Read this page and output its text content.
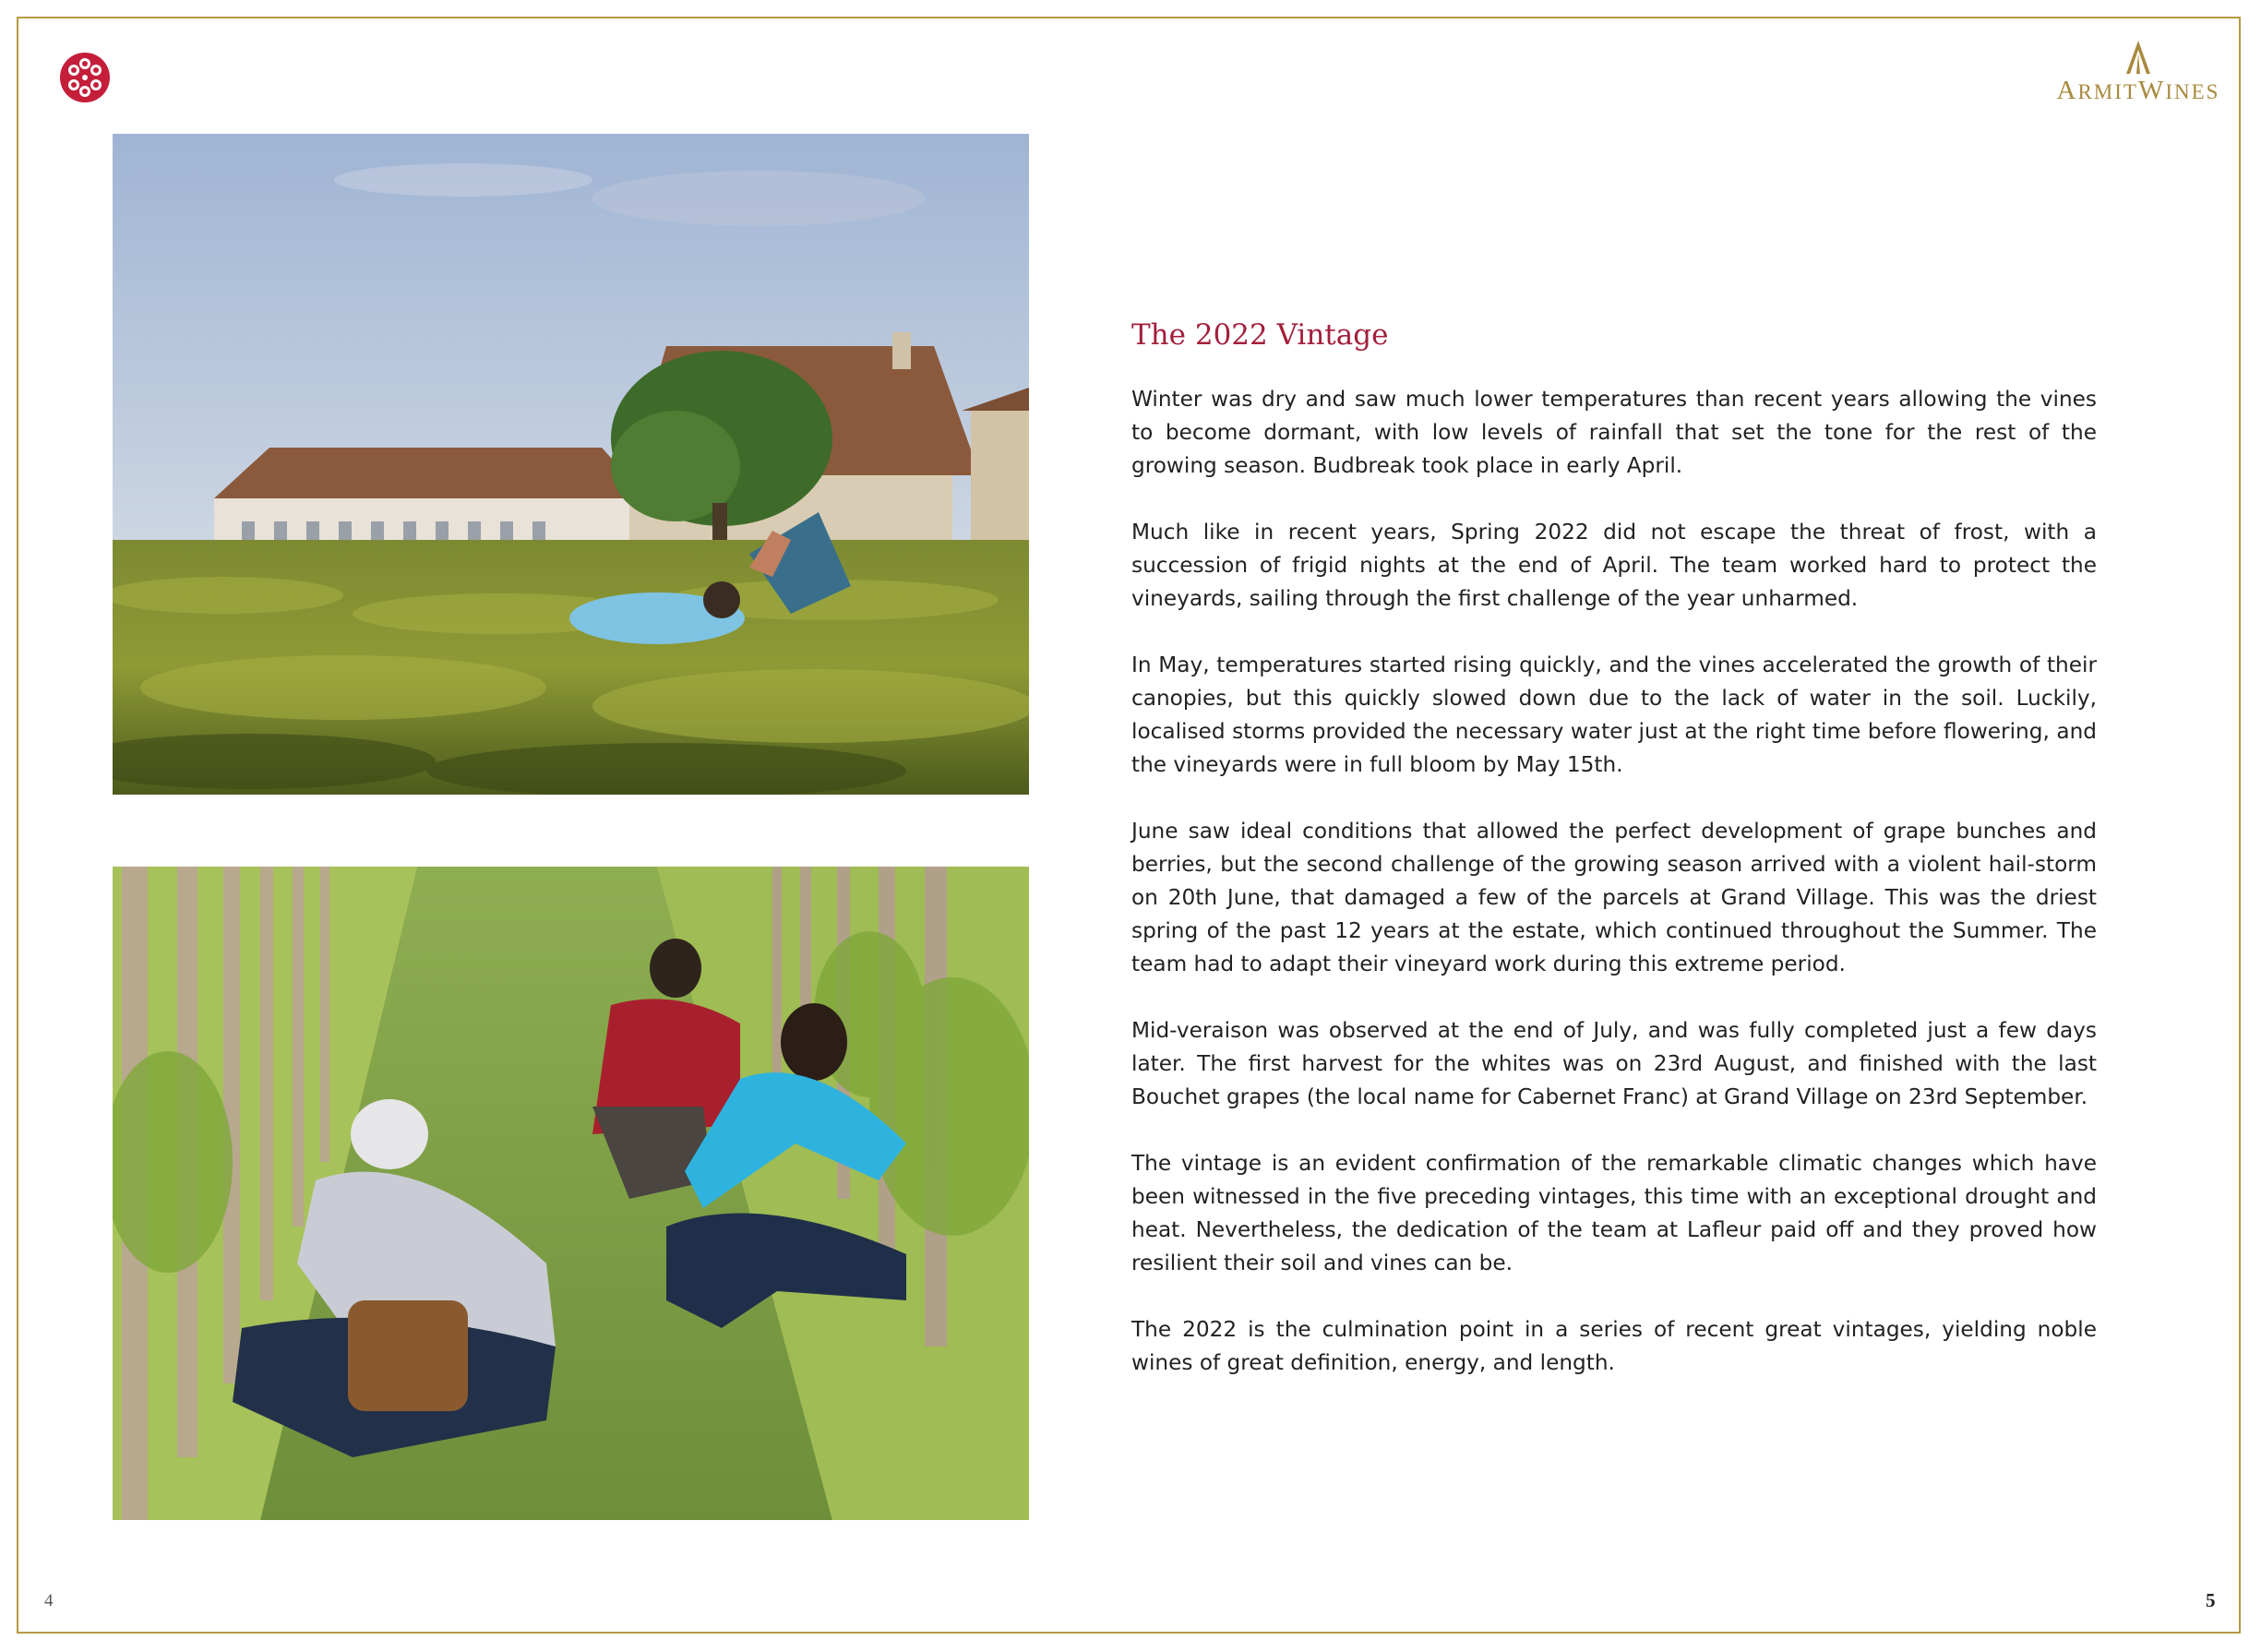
ARMITWINES
The 2022 Vintage

Winter was dry and saw much lower temperatures than recent years allowing the vines to become dormant, with low levels of rainfall that set the tone for the rest of the growing season. Budbreak took place in early April.

Much like in recent years, Spring 2022 did not escape the threat of frost, with a succession of frigid nights at the end of April. The team worked hard to protect the vineyards, sailing through the first challenge of the year unharmed.

In May, temperatures started rising quickly, and the vines accelerated the growth of their canopies, but this quickly slowed down due to the lack of water in the soil. Luckily, localised storms provided the necessary water just at the right time before flowering, and the vineyards were in full bloom by May 15th.

June saw ideal conditions that allowed the perfect development of grape bunches and berries, but the second challenge of the growing season arrived with a violent hail-storm on 20th June, that damaged a few of the parcels at Grand Village. This was the driest spring of the past 12 years at the estate, which continued throughout the Summer. The team had to adapt their vineyard work during this extreme period.

Mid-veraison was observed at the end of July, and was fully completed just a few days later. The first harvest for the whites was on 23rd August, and finished with the last Bouchet grapes (the local name for Cabernet Franc) at Grand Village on 23rd September.

The vintage is an evident confirmation of the remarkable climatic changes which have been witnessed in the five preceding vintages, this time with an exceptional drought and heat. Nevertheless, the dedication of the team at Lafleur paid off and they proved how resilient their soil and vines can be.

The 2022 is the culmination point in a series of recent great vintages, yielding noble wines of great definition, energy, and length.

4	5
